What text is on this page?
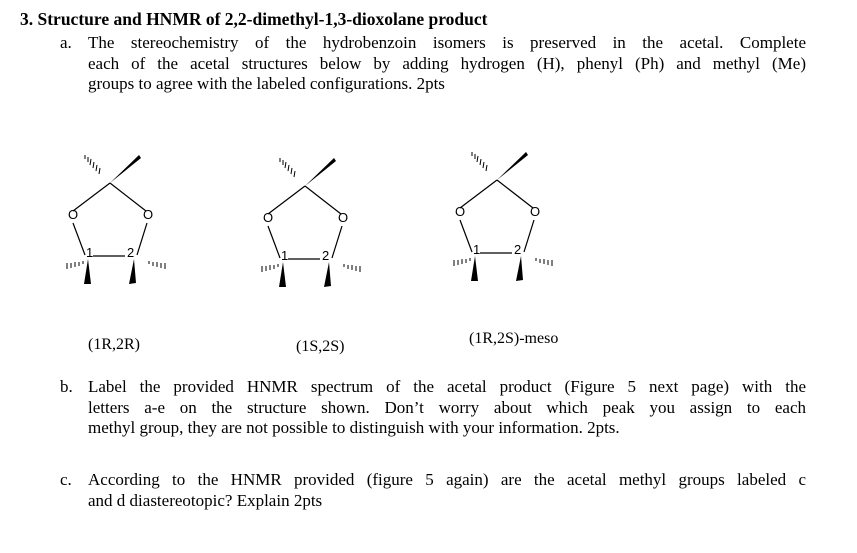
3. Structure and HNMR of 2,2-dimethyl-1,3-dioxolane product
a. The stereochemistry of the hydrobenzoin isomers is preserved in the acetal. Complete
each of the acetal structures below by adding hydrogen (H), phenyl (Ph) and methyl (Me)
groups to agree with the labeled configurations. 2pts
O	O
1	2
O	O
1	2
O	O
1	2
(1R,2R)	(1S,2S)	(1R,2S)-meso
b. Label the provided HNMR spectrum of the acetal product (Figure 5 next page) with the
letters a-e on the structure shown. Don’t worry about which peak you assign to each
methyl group, they are not possible to distinguish with your information. 2pts.
c. According to the HNMR provided (figure 5 again) are the acetal methyl groups labeled c
and d diastereotopic? Explain 2pts
